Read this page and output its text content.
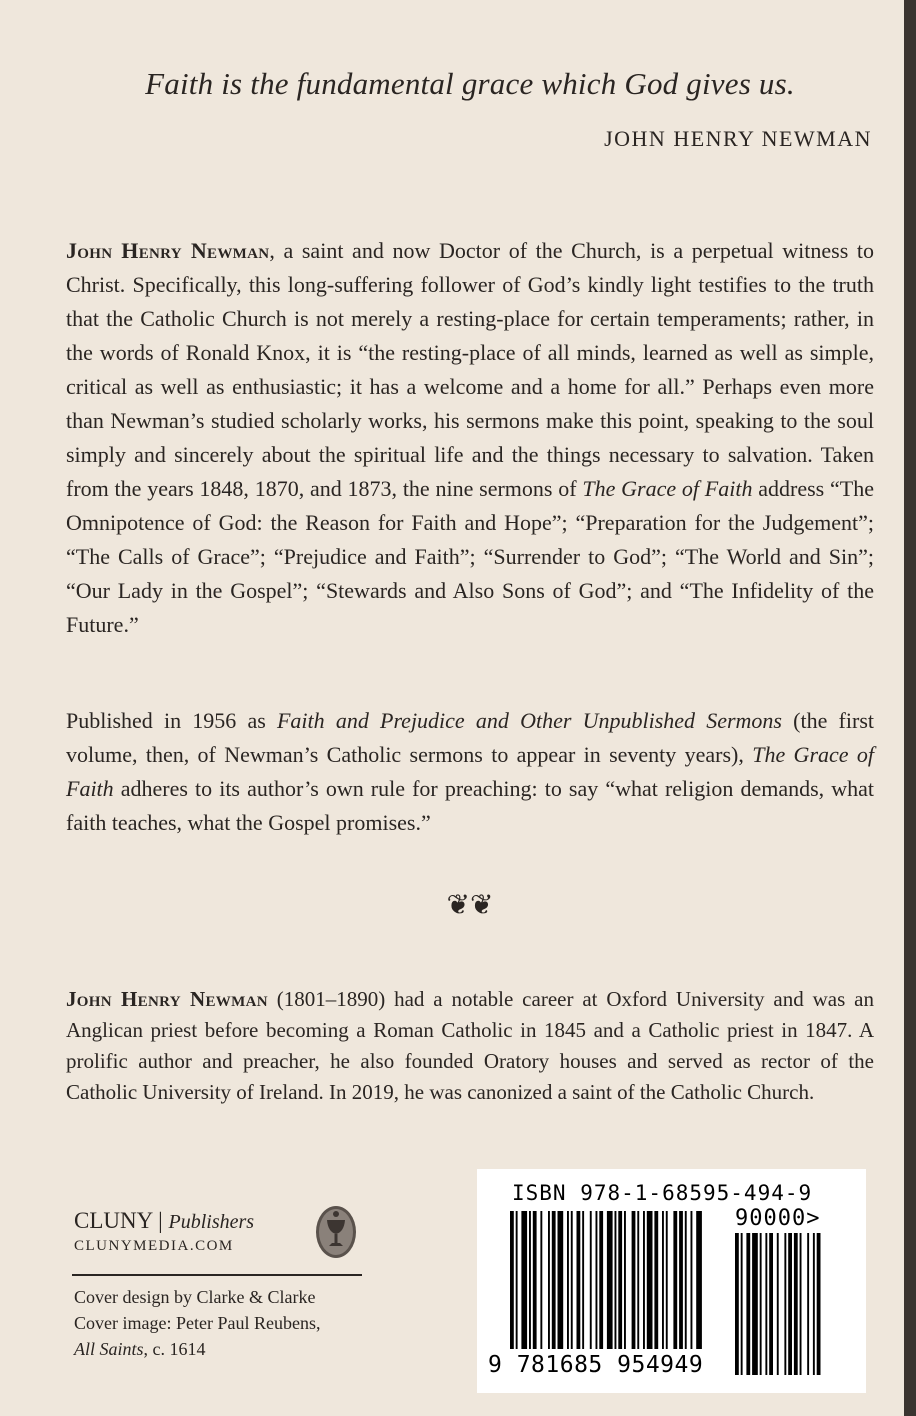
Faith is the fundamental grace which God gives us.
JOHN HENRY NEWMAN

John Henry Newman, a saint and now Doctor of the Church, is a perpetual witness to Christ. Specifically, this long-suffering follower of God’s kindly light testifies to the truth that the Catholic Church is not merely a resting-place for certain temperaments; rather, in the words of Ronald Knox, it is “the resting-place of all minds, learned as well as simple, critical as well as enthusiastic; it has a welcome and a home for all.” Perhaps even more than Newman’s studied scholarly works, his sermons make this point, speaking to the soul simply and sincerely about the spiritual life and the things necessary to salvation. Taken from the years 1848, 1870, and 1873, the nine sermons of The Grace of Faith address “The Omnipotence of God: the Reason for Faith and Hope”; “Preparation for the Judgement”; “The Calls of Grace”; “Prejudice and Faith”; “Surrender to God”; “The World and Sin”; “Our Lady in the Gospel”; “Stewards and Also Sons of God”; and “The Infidelity of the Future.”

Published in 1956 as Faith and Prejudice and Other Unpublished Sermons (the first volume, then, of Newman’s Catholic sermons to appear in seventy years), The Grace of Faith adheres to its author’s own rule for preaching: to say “what religion demands, what faith teaches, what the Gospel promises.”

❦❦

John Henry Newman (1801–1890) had a notable career at Oxford University and was an Anglican priest before becoming a Roman Catholic in 1845 and a Catholic priest in 1847. A prolific author and preacher, he also founded Oratory houses and served as rector of the Catholic University of Ireland. In 2019, he was canonized a saint of the Catholic Church.

CLUNY | Publishers
CLUNYMEDIA.COM
Cover design by Clarke & Clarke
Cover image: Peter Paul Reubens,
All Saints, c. 1614
ISBN 978-1-68595-494-9
90000>
9 781685 954949
